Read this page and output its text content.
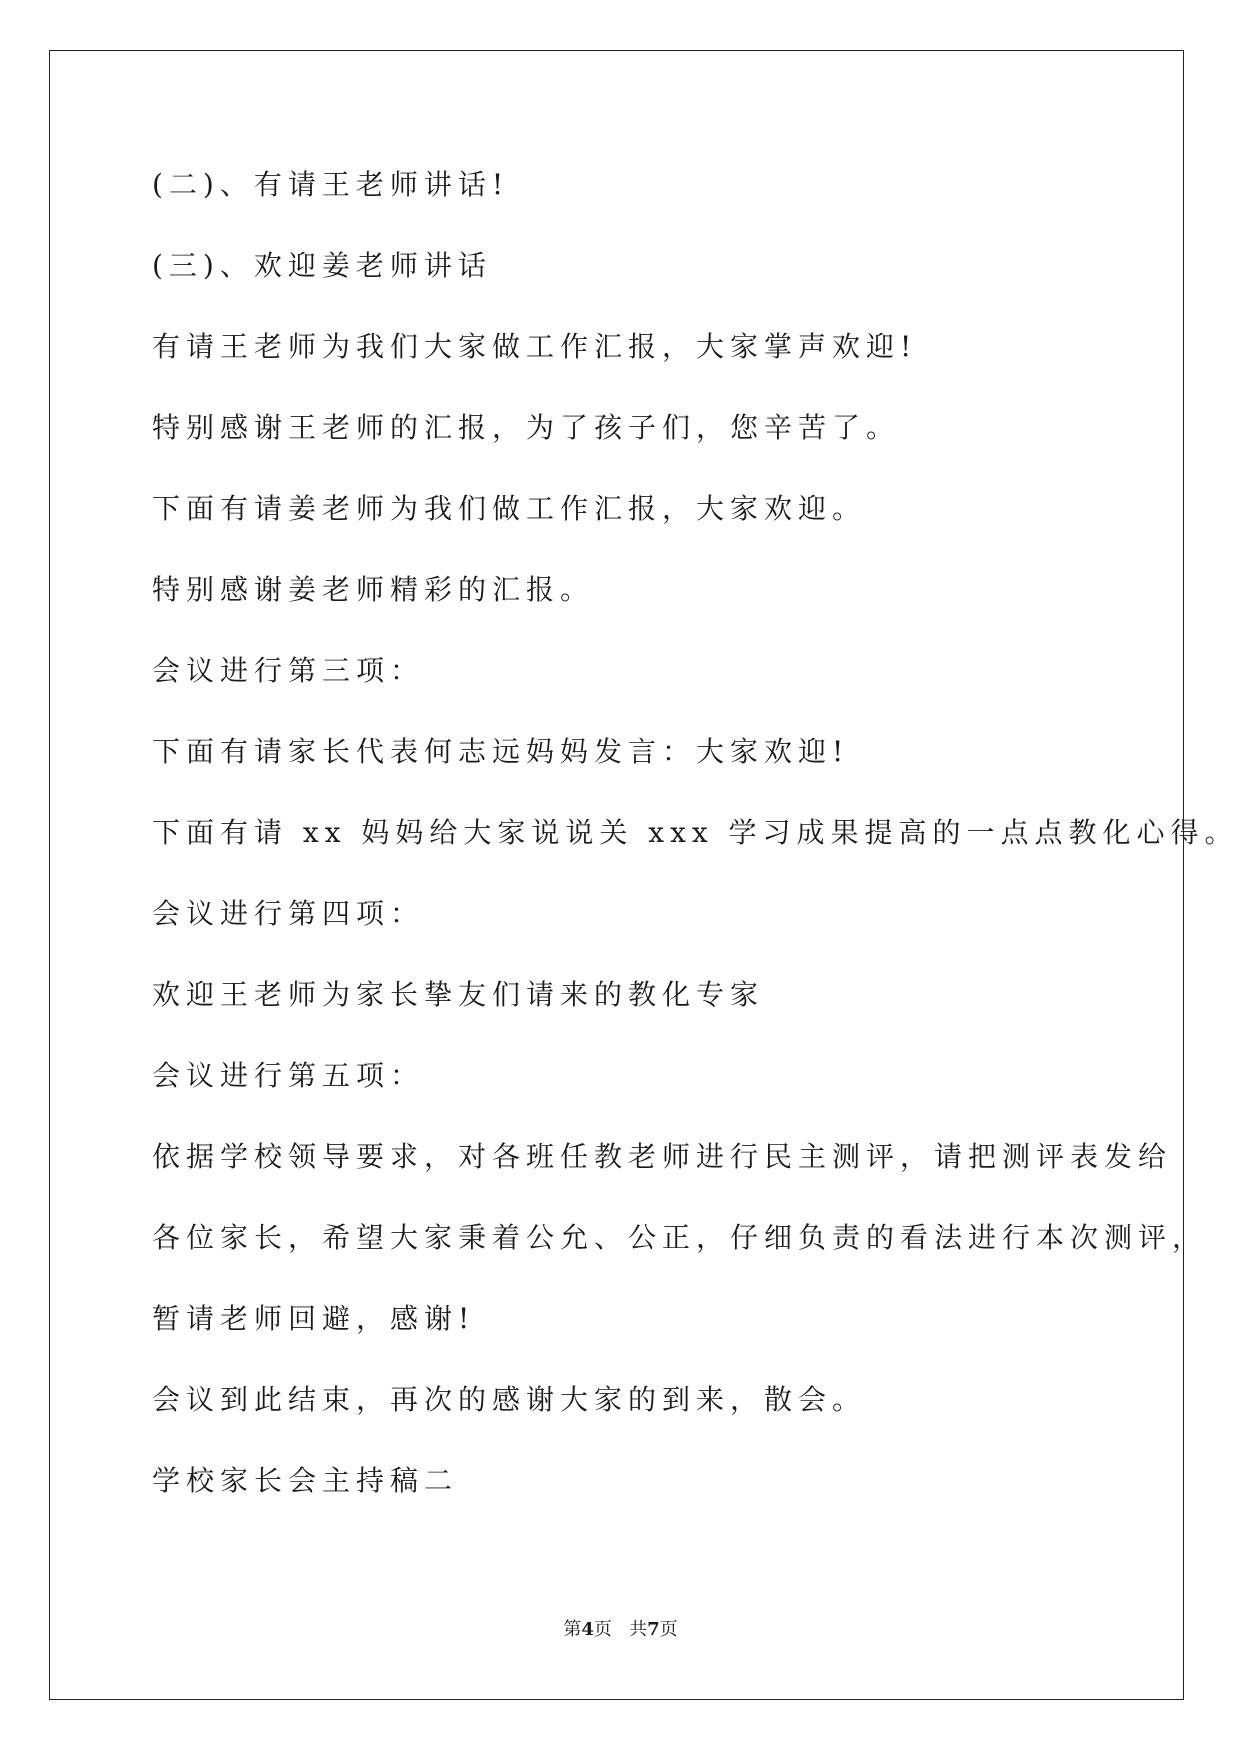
(二)、有请王老师讲话!
(三)、欢迎姜老师讲话
有请王老师为我们大家做工作汇报，大家掌声欢迎!
特别感谢王老师的汇报，为了孩子们，您辛苦了。
下面有请姜老师为我们做工作汇报，大家欢迎。
特别感谢姜老师精彩的汇报。
会议进行第三项：
下面有请家长代表何志远妈妈发言：大家欢迎!
下面有请 xx 妈妈给大家说说关 xxx 学习成果提高的一点点教化心得。
会议进行第四项：
欢迎王老师为家长挚友们请来的教化专家
会议进行第五项：
依据学校领导要求，对各班任教老师进行民主测评，请把测评表发给
各位家长，希望大家秉着公允、公正，仔细负责的看法进行本次测评，
暂请老师回避，感谢!
会议到此结束，再次的感谢大家的到来，散会。
学校家长会主持稿二
第4页 共7页
